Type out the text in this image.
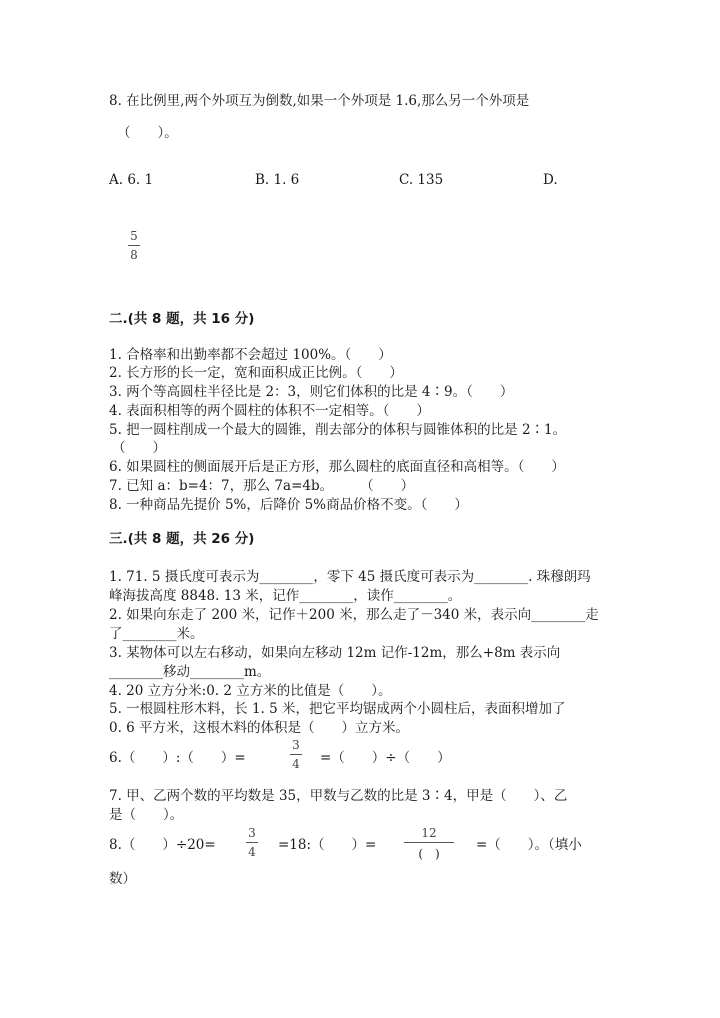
8. 在比例里,两个外项互为倒数,如果一个外项是 1.6,那么另一个外项是
（　　）。
A. 6. 1	B. 1. 6	C. 135	D.
5
8
二.(共 8 题，共 16 分)
1. 合格率和出勤率都不会超过 100%。（　　）
2. 长方形的长一定，宽和面积成正比例。（　　）
3. 两个等高圆柱半径比是 2：3，则它们体积的比是 4∶9。（　　）
4. 表面积相等的两个圆柱的体积不一定相等。（　　）
5. 把一圆柱削成一个最大的圆锥，削去部分的体积与圆锥体积的比是 2∶1。
（　　）
6. 如果圆柱的侧面展开后是正方形，那么圆柱的底面直径和高相等。（　　）
7. 已知 a：b=4：7，那么 7a=4b。　　　（　　）
8. 一种商品先提价 5%，后降价 5%商品价格不变。（　　）
三.(共 8 题，共 26 分)
1. 71. 5 摄氏度可表示为________，零下 45 摄氏度可表示为________. 珠穆朗玛
峰海拔高度 8848. 13 米，记作________，读作________。
2. 如果向东走了 200 米，记作＋200 米，那么走了－340 米，表示向________走
了________米。
3. 某物体可以左右移动，如果向左移动 12m 记作-12m，那么+8m 表示向
________移动________m。
4. 20 立方分米:0. 2 立方米的比值是（　　）。
5. 一根圆柱形木料，长 1. 5 米，把它平均锯成两个小圆柱后，表面积增加了
0. 6 平方米，这根木料的体积是（　　）立方米。
6.（　　）:（　　）=
3
4 =（　　）÷（　　）
7. 甲、乙两个数的平均数是 35，甲数与乙数的比是 3∶4，甲是（　　）、乙
是（　　）。
8.（　　）÷20=
3
4 =18:（　　）=
12
(　)
=（　　）。（填小
数）
